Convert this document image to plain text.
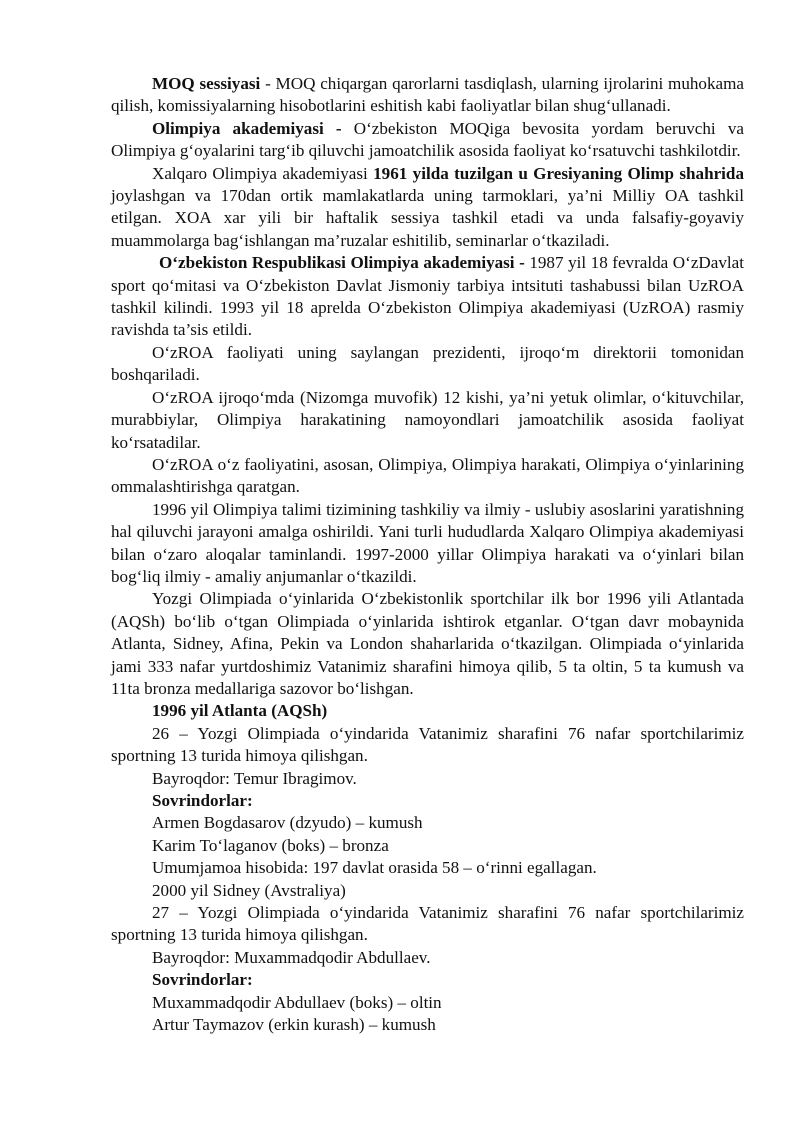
MOQ sessiyasi - MOQ chiqargan qarorlarni tasdiqlash, ularning ijrolarini muhokama qilish, komissiyalarning hisobotlarini eshitish kabi faoliyatlar bilan shug‘ullanadi.

Olimpiya akademiyasi - O‘zbekiston MOQiga bevosita yordam beruvchi va Olimpiya g‘oyalarini targ‘ib qiluvchi jamoatchilik asosida faoliyat ko‘rsatuvchi tashkilotdir.

Xalqaro Olimpiya akademiyasi 1961 yilda tuzilgan u Gresiyaning Olimp shahrida joylashgan va 170dan ortik mamlakatlarda uning tarmoklari, ya’ni Milliy OA tashkil etilgan. XOA xar yili bir haftalik sessiya tashkil etadi va unda falsafiy-goyaviy muammolarga bag‘ishlangan ma’ruzalar eshitilib, seminarlar o‘tkaziladi.

O‘zbekiston Respublikasi Olimpiya akademiyasi - 1987 yil 18 fevralda O‘zDavlat sport qo‘mitasi va O‘zbekiston Davlat Jismoniy tarbiya intsituti tashabussi bilan UzROA tashkil kilindi. 1993 yil 18 aprelda O‘zbekiston Olimpiya akademiyasi (UzROA) rasmiy ravishda ta’sis etildi.

O‘zROA faoliyati uning saylangan prezidenti, ijroqo‘m direktorii tomonidan boshqariladi.

O‘zROA ijroqo‘mda (Nizomga muvofik) 12 kishi, ya’ni yetuk olimlar, o‘kituvchilar, murabbiylar, Olimpiya harakatining namoyondlari jamoatchilik asosida faoliyat ko‘rsatadilar.

O‘zROA o‘z faoliyatini, asosan, Olimpiya, Olimpiya harakati, Olimpiya o‘yinlarining ommalashtirishga qaratgan.

1996 yil Olimpiya talimi tizimining tashkiliy va ilmiy - uslubiy asoslarini yaratishning hal qiluvchi jarayoni amalga oshirildi. Yani turli hududlarda Xalqaro Olimpiya akademiyasi bilan o‘zaro aloqalar taminlandi. 1997-2000 yillar Olimpiya harakati va o‘yinlari bilan bog‘liq ilmiy - amaliy anjumanlar o‘tkazildi.

Yozgi Olimpiada o‘yinlarida O‘zbekistonlik sportchilar ilk bor 1996 yili Atlantada (AQSh) bo‘lib o‘tgan Olimpiada o‘yinlarida ishtirok etganlar. O‘tgan davr mobaynida Atlanta, Sidney, Afina, Pekin va London shaharlarida o‘tkazilgan. Olimpiada o‘yinlarida jami 333 nafar yurtdoshimiz Vatanimiz sharafini himoya qilib, 5 ta oltin, 5 ta kumush va 11ta bronza medallariga sazovor bo‘lishgan.

1996 yil Atlanta (AQSh)

26 – Yozgi Olimpiada o‘yindarida Vatanimiz sharafini 76 nafar sportchilarimiz sportning 13 turida himoya qilishgan.

Bayroqdor: Temur Ibragimov.

Sovrindorlar:

Armen Bogdasarov (dzyudo) – kumush

Karim To‘laganov (boks) – bronza

Umumjamoa hisobida: 197 davlat orasida 58 – o‘rinni egallagan.

2000 yil Sidney (Avstraliya)

27 – Yozgi Olimpiada o‘yindarida Vatanimiz sharafini 76 nafar sportchilarimiz sportning 13 turida himoya qilishgan.

Bayroqdor: Muxammadqodir Abdullaev.

Sovrindorlar:

Muxammadqodir Abdullaev (boks) – oltin

Artur Taymazov (erkin kurash) – kumush
